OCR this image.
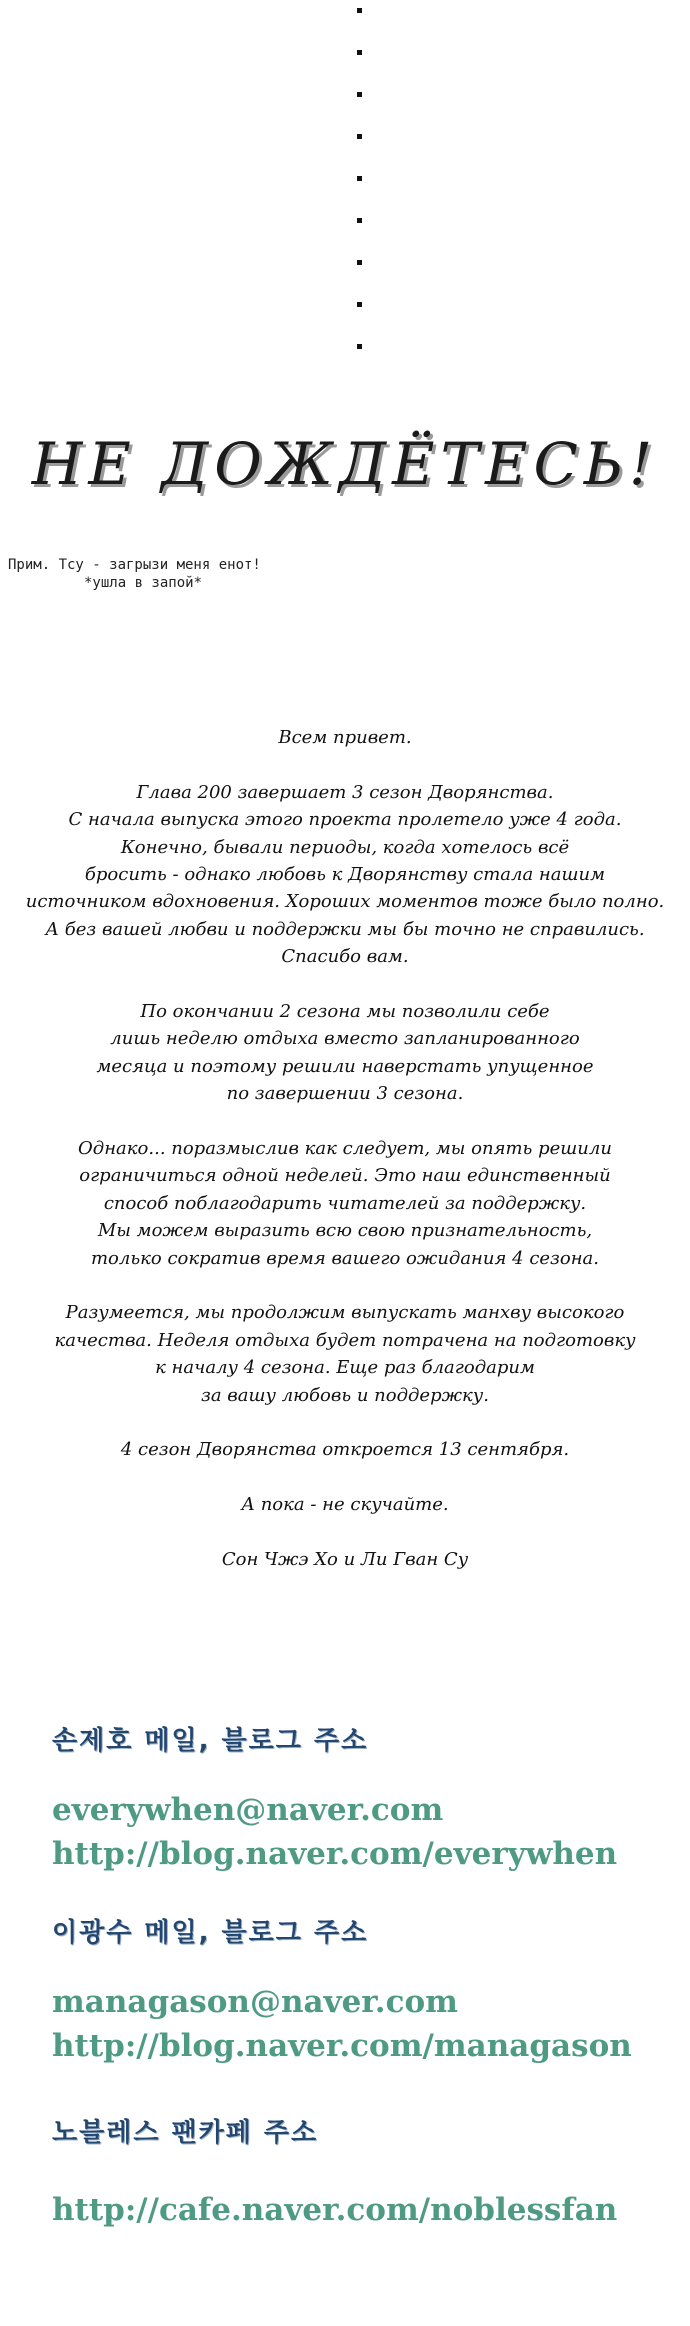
НЕ ДОЖДЁТЕСЬ!
Прим. Тсу - загрызи меня енот!
*ушла в запой*

Всем привет.

Глава 200 завершает 3 сезон Дворянства.
С начала выпуска этого проекта пролетело уже 4 года.
Конечно, бывали периоды, когда хотелось всё
бросить - однако любовь к Дворянству стала нашим
источником вдохновения. Хороших моментов тоже было полно.
А без вашей любви и поддержки мы бы точно не справились.
Спасибо вам.

По окончании 2 сезона мы позволили себе
лишь неделю отдыха вместо запланированного
месяца и поэтому решили наверстать упущенное
по завершении 3 сезона.

Однако... поразмыслив как следует, мы опять решили
ограничиться одной неделей. Это наш единственный
способ поблагодарить читателей за поддержку.
Мы можем выразить всю свою признательность,
только сократив время вашего ожидания 4 сезона.

Разумеется, мы продолжим выпускать манхву высокого
качества. Неделя отдыха будет потрачена на подготовку
к началу 4 сезона. Еще раз благодарим
за вашу любовь и поддержку.

4 сезон Дворянства откроется 13 сентября.

А пока - не скучайте.

Сон Чжэ Хо и Ли Гван Су

손제호 메일, 블로그 주소
everywhen@naver.com
http://blog.naver.com/everywhen
이광수 메일, 블로그 주소
managason@naver.com
http://blog.naver.com/managason
노블레스 팬카페 주소
http://cafe.naver.com/noblessfan
